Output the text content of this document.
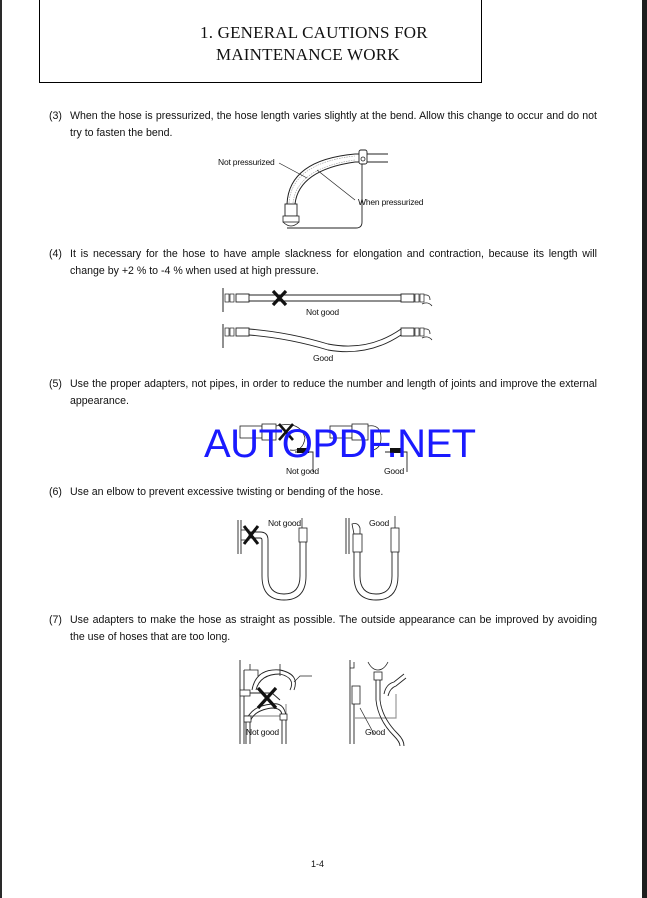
1. GENERAL CAUTIONS FOR
MAINTENANCE WORK
(3) When the hose is pressurized, the hose length varies slightly at the bend. Allow this change to occur and do not try to fasten the bend.
Not pressurized
When pressurized
(4) It is necessary for the hose to have ample slackness for elongation and contraction, because its length will change by +2 % to -4 % when used at high pressure.
Not good
Good
(5) Use the proper adapters, not pipes, in order to reduce the number and length of joints and improve the external appearance.
AUTOPDF.NET
Not good	Good
(6) Use an elbow to prevent excessive twisting or bending of the hose.
Not good	Good
(7) Use adapters to make the hose as straight as possible. The outside appearance can be improved by avoiding the use of hoses that are too long.
Not good	Good
1-4
